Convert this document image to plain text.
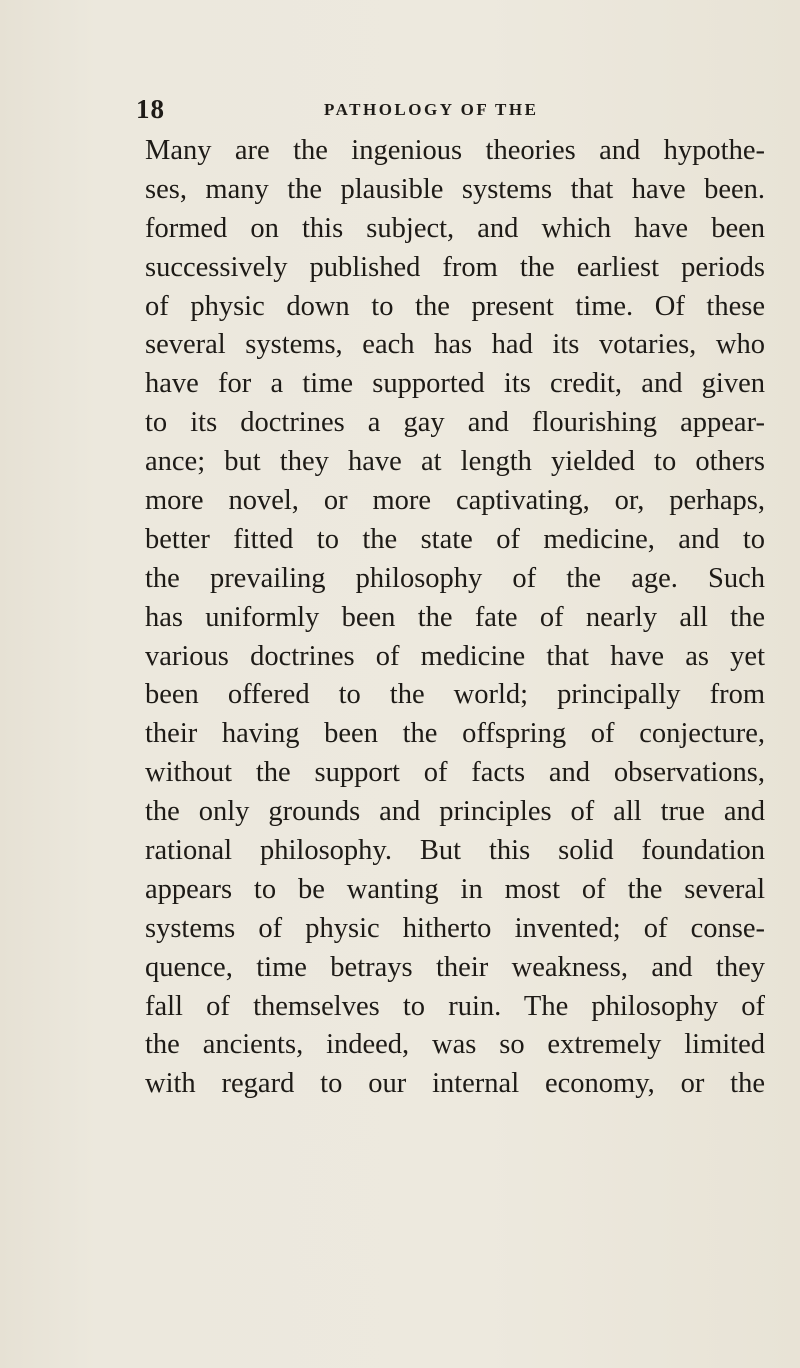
18	PATHOLOGY OF THE
Many are the ingenious theories and hypothe-
ses, many the plausible systems that have been.
formed on this subject, and which have been
successively published from the earliest periods
of physic down to the present time. Of these
several systems, each has had its votaries, who
have for a time supported its credit, and given
to its doctrines a gay and flourishing appear-
ance; but they have at length yielded to others
more novel, or more captivating, or, perhaps,
better fitted to the state of medicine, and to
the prevailing philosophy of the age. Such
has uniformly been the fate of nearly all the
various doctrines of medicine that have as yet
been offered to the world; principally from
their having been the offspring of conjecture,
without the support of facts and observations,
the only grounds and principles of all true and
rational philosophy. But this solid foundation
appears to be wanting in most of the several
systems of physic hitherto invented; of conse-
quence, time betrays their weakness, and they
fall of themselves to ruin. The philosophy of
the ancients, indeed, was so extremely limited
with regard to our internal economy, or the
